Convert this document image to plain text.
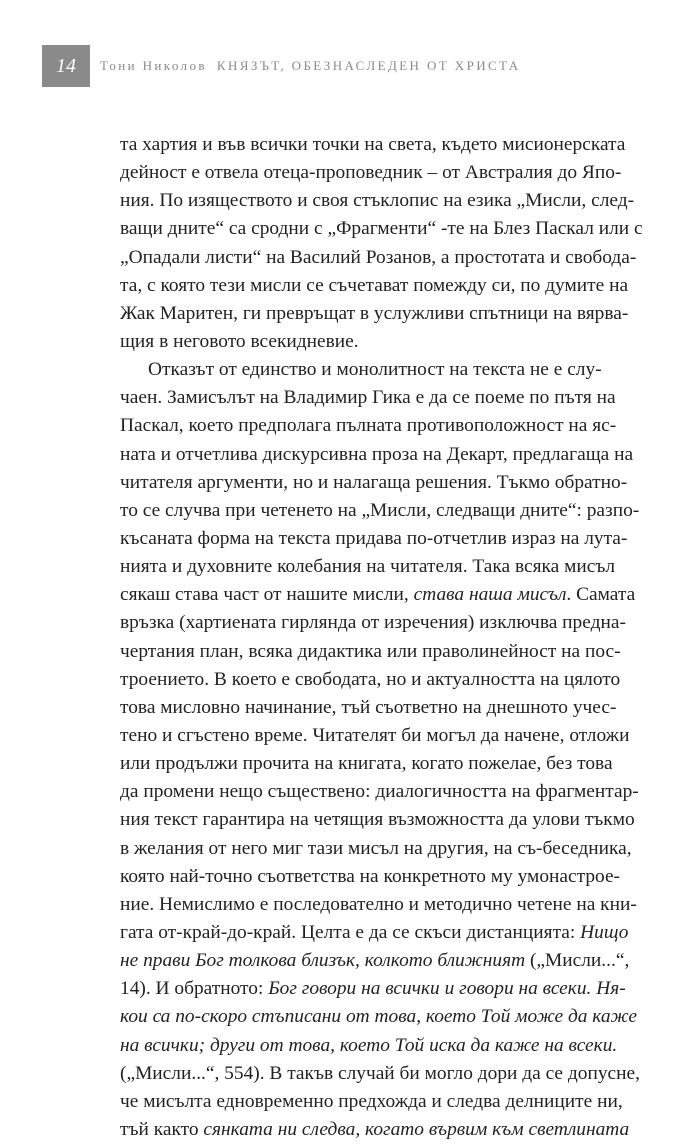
14	Тони Николов КНЯЗЪТ, ОБЕЗНАСЛЕДЕН ОТ ХРИСТА
та хартия и във всички точки на света, където мисионерската
дейност е отвела отеца-проповедник – от Австралия до Япо-
ния. По изяществото и своя стъклопис на езика „Мисли, след-
ващи дните“ са сродни с „Фрагменти“ -те на Блез Паскал или с
„Опадали листи“ на Василий Розанов, а простотата и свобода-
та, с която тези мисли се съчетават помежду си, по думите на
Жак Маритен, ги превръщат в услужливи спътници на вярва-
щия в неговото всекидневие.
Отказът от единство и монолитност на текста не е слу-
чаен. Замисълът на Владимир Гика е да се поеме по пътя на
Паскал, което предполага пълната противоположност на яс-
ната и отчетлива дискурсивна проза на Декарт, предлагаща на
читателя аргументи, но и налагаща решения. Тъкмо обратно-
то се случва при четенето на „Мисли, следващи дните“: разпо-
късаната форма на текста придава по-отчетлив израз на лута-
нията и духовните колебания на читателя. Така всяка мисъл
сякаш става част от нашите мисли, става наша мисъл. Самата
връзка (хартиената гирлянда от изречения) изключва предна-
чертания план, всяка дидактика или праволинейност на пос-
троението. В което е свободата, но и актуалността на цялото
това мисловно начинание, тъй съответно на днешното учес-
тено и сгъстено време. Читателят би могъл да начене, отложи
или продължи прочита на книгата, когато пожелае, без това
да промени нещо съществено: диалогичността на фрагментар-
ния текст гарантира на четящия възможността да улови тъкмо
в желания от него миг тази мисъл на другия, на съ-беседника,
която най-точно съответства на конкретното му умонастрое-
ние. Немислимо е последователно и методично четене на кни-
гата от-край-до-край. Целта е да се скъси дистанцията: Нищо
не прави Бог толкова близък, колкото ближният („Мисли...“,
14). И обратното: Бог говори на всички и говори на всеки. Ня-
кои са по-скоро стъписани от това, което Той може да каже
на всички; други от това, което Той иска да каже на всеки.
(„Мисли...“, 554). В такъв случай би могло дори да се допусне,
че мисълта едновременно предхожда и следва делниците ни,
тъй както сянката ни следва, когато вървим към светлината
